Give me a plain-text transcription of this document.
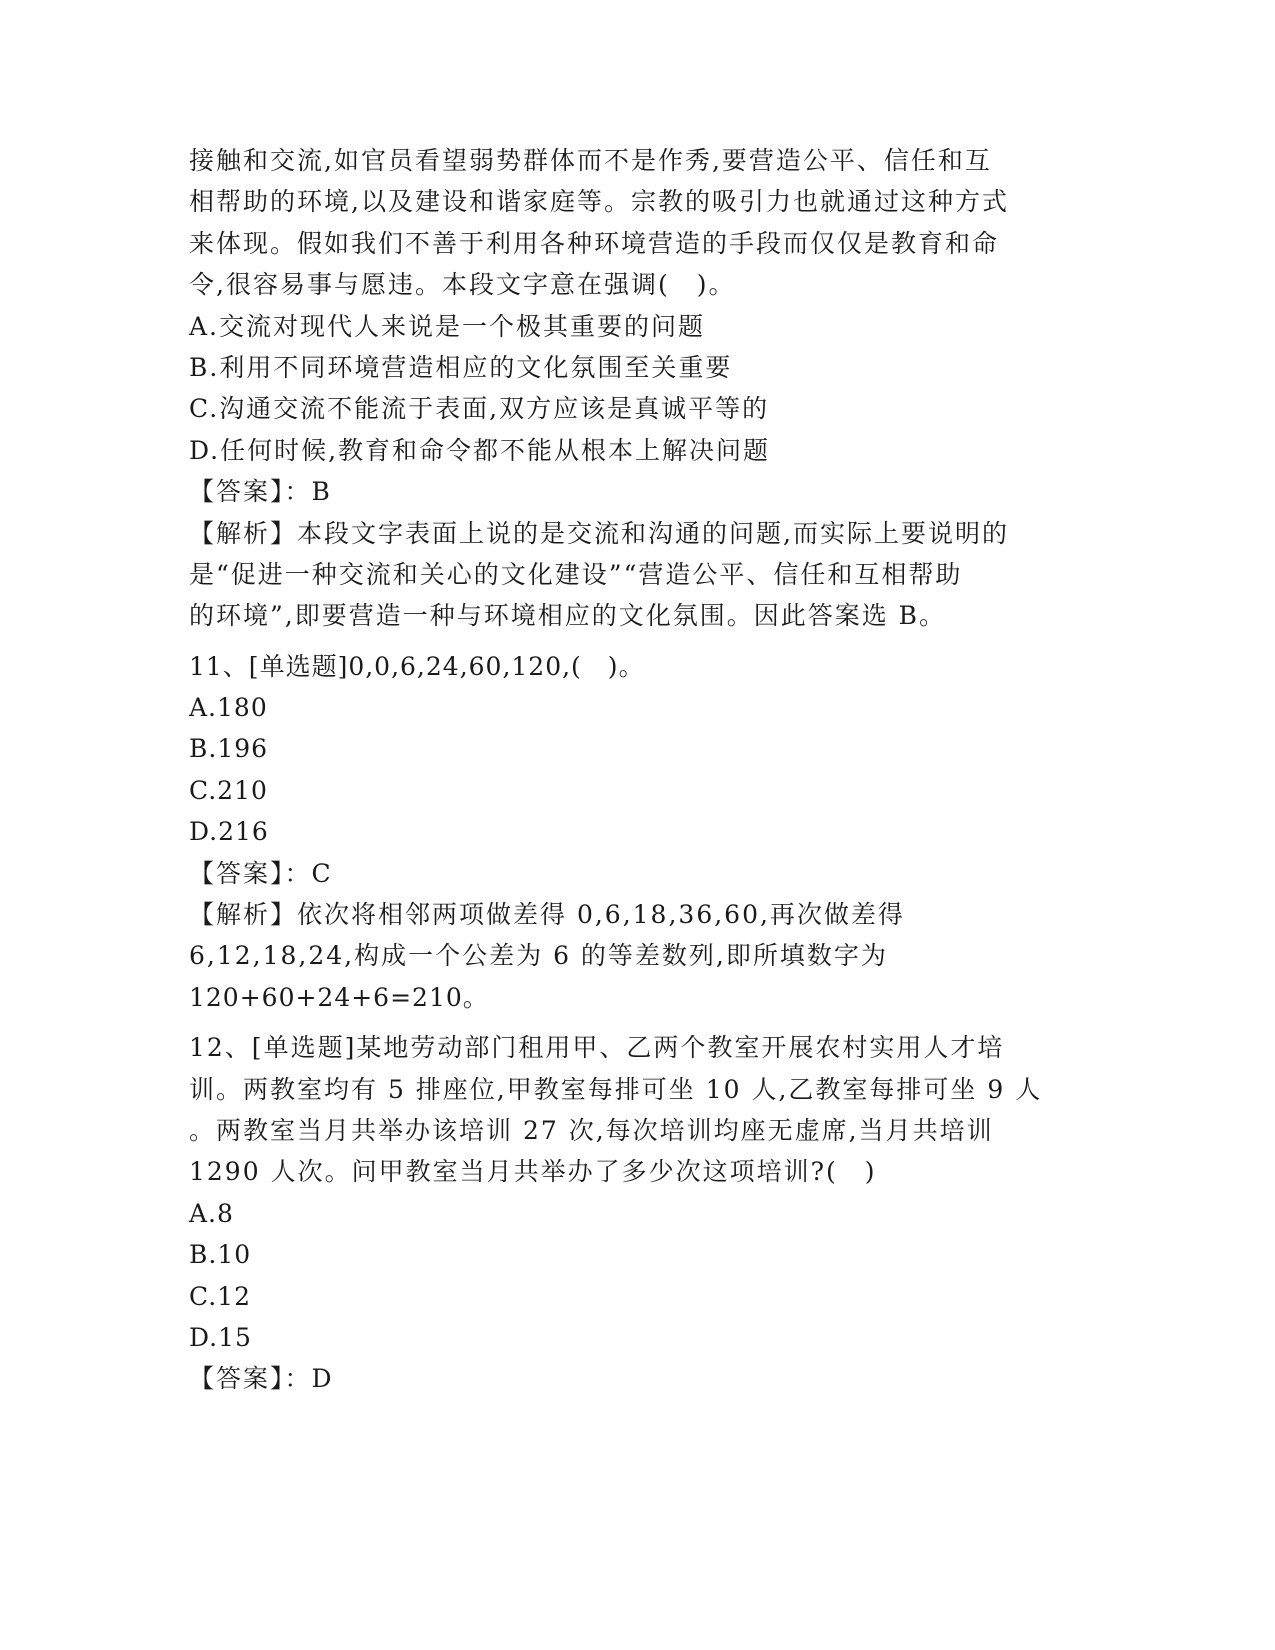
接触和交流,如官员看望弱势群体而不是作秀,要营造公平、信任和互
相帮助的环境,以及建设和谐家庭等。宗教的吸引力也就通过这种方式
来体现。假如我们不善于利用各种环境营造的手段而仅仅是教育和命
令,很容易事与愿违。本段文字意在强调(　)。
A.交流对现代人来说是一个极其重要的问题
B.利用不同环境营造相应的文化氛围至关重要
C.沟通交流不能流于表面,双方应该是真诚平等的
D.任何时候,教育和命令都不能从根本上解决问题
【答案】：B
【解析】本段文字表面上说的是交流和沟通的问题,而实际上要说明的
是“促进一种交流和关心的文化建设”“营造公平、信任和互相帮助
的环境”,即要营造一种与环境相应的文化氛围。因此答案选 B。
11、[单选题]0,0,6,24,60,120,(　)。
A.180
B.196
C.210
D.216
【答案】：C
【解析】依次将相邻两项做差得 0,6,18,36,60,再次做差得
6,12,18,24,构成一个公差为 6 的等差数列,即所填数字为
120+60+24+6=210。
12、[单选题]某地劳动部门租用甲、乙两个教室开展农村实用人才培
训。两教室均有 5 排座位,甲教室每排可坐 10 人,乙教室每排可坐 9 人
。两教室当月共举办该培训 27 次,每次培训均座无虚席,当月共培训
1290 人次。问甲教室当月共举办了多少次这项培训?(　)
A.8
B.10
C.12
D.15
【答案】：D
